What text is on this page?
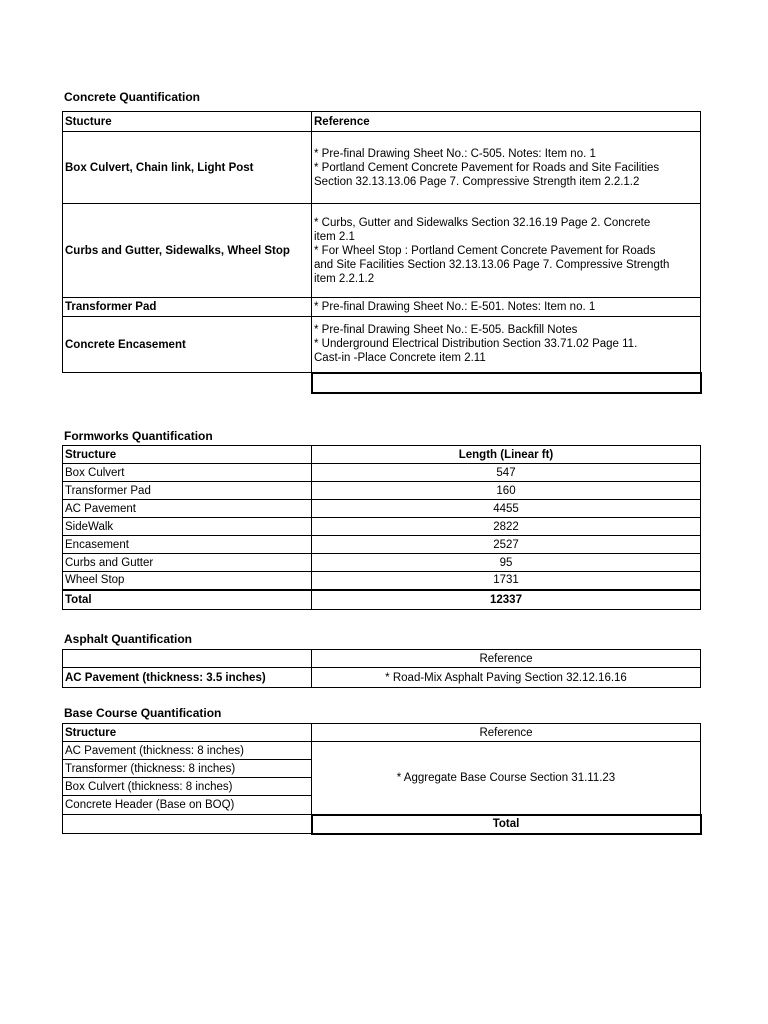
Concrete Quantification
Stucture	Reference
Box Culvert, Chain link, Light Post	* Pre-final Drawing Sheet No.: C-505. Notes: Item no. 1
* Portland Cement Concrete Pavement for Roads and Site Facilities
Section 32.13.13.06 Page 7. Compressive Strength item 2.2.1.2

Curbs and Gutter, Sidewalks, Wheel Stop	* Curbs, Gutter and Sidewalks Section 32.16.19 Page 2. Concrete
item 2.1
* For Wheel Stop : Portland Cement Concrete Pavement for Roads
and Site Facilities Section 32.13.13.06 Page 7. Compressive Strength
item 2.2.1.2

Transformer Pad	* Pre-final Drawing Sheet No.: E-501. Notes: Item no. 1

Concrete Encasement	* Pre-final Drawing Sheet No.: E-505. Backfill Notes
* Underground Electrical Distribution Section 33.71.02 Page 11.
Cast-in -Place Concrete item 2.11

Formworks Quantification
Structure	Length (Linear ft)
Box Culvert	547
Transformer Pad	160
AC Pavement	4455
SideWalk	2822
Encasement	2527
Curbs and Gutter	95
Wheel Stop	1731
Total	12337
Asphalt Quantification
	Reference
AC Pavement (thickness: 3.5 inches)	* Road-Mix Asphalt Paving Section 32.12.16.16
Base Course Quantification
Structure	Reference
AC Pavement (thickness: 8 inches)	* Aggregate Base Course Section 31.11.23
Transformer (thickness: 8 inches)	
Box Culvert (thickness: 8 inches)	
Concrete Header (Base on BOQ)	
	Total
